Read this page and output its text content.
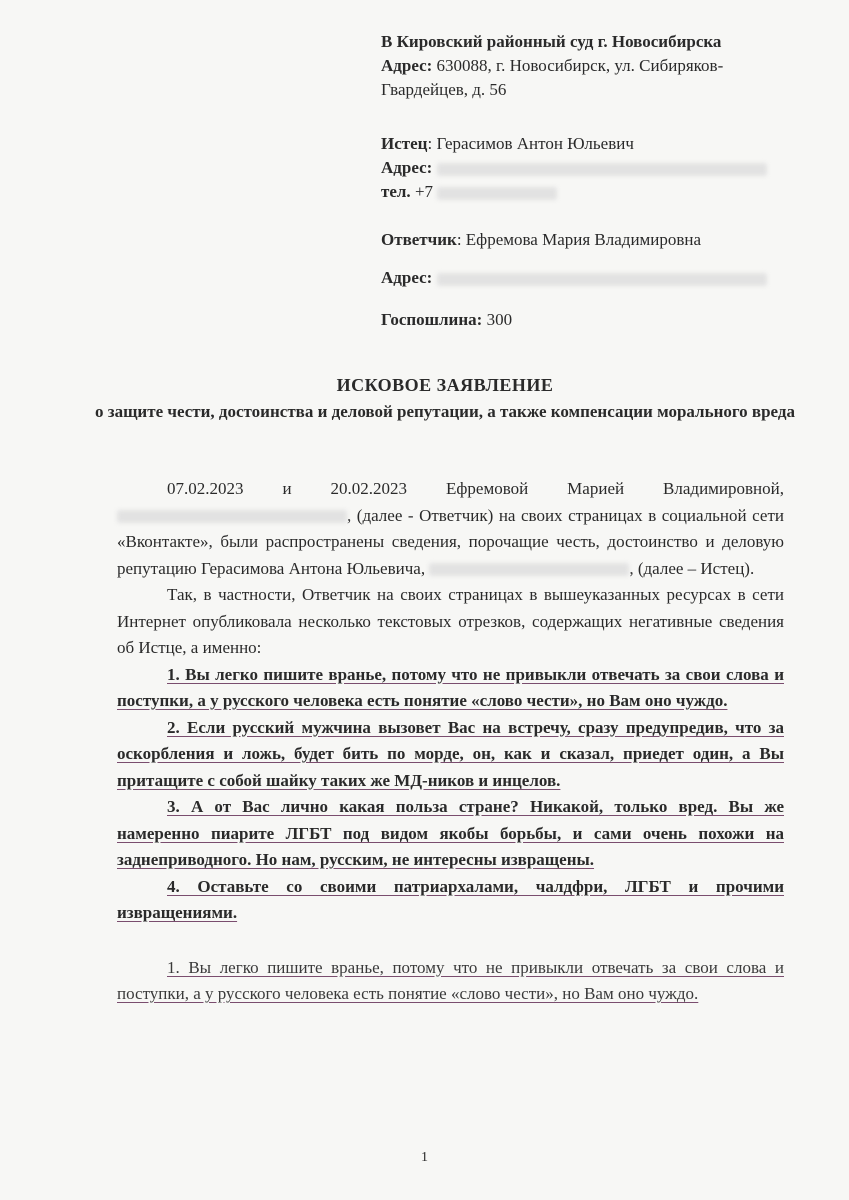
В Кировский районный суд г. Новосибирска

Адрес: 630088, г. Новосибирск, ул. Сибиряков-Гвардейцев, д. 56

Истец: Герасимов Антон Юльевич

Адрес:

тел. +7

Ответчик: Ефремова Мария Владимировна

Адрес:

Госпошлина: 300

ИСКОВОЕ ЗАЯВЛЕНИЕ
о защите чести, достоинства и деловой репутации, а также компенсации морального вреда

07.02.2023 и 20.02.2023 Ефремовой Марией Владимировной, , (далее - Ответчик) на своих страницах в социальной сети «Вконтакте», были распространены сведения, порочащие честь, достоинство и деловую репутацию Герасимова Антона Юльевича,	, (далее – Истец).

Так, в частности, Ответчик на своих страницах в вышеуказанных ресурсах в сети Интернет опубликовала несколько текстовых отрезков, содержащих негативные сведения об Истце, а именно:

1. Вы легко пишите вранье, потому что не привыкли отвечать за свои слова и поступки, а у русского человека есть понятие «слово чести», но Вам оно чуждо.

2. Если русский мужчина вызовет Вас на встречу, сразу предупредив, что за оскорбления и ложь, будет бить по морде, он, как и сказал, приедет один, а Вы притащите с собой шайку таких же МД-ников и инцелов.

3. А от Вас лично какая польза стране? Никакой, только вред. Вы же намеренно пиарите ЛГБТ под видом якобы борьбы, и сами очень похожи на заднеприводного. Но нам, русским, не интересны извращены.

4. Оставьте со своими патриархалами, чалдфри, ЛГБТ и прочими извращениями.

1. Вы легко пишите вранье, потому что не привыкли отвечать за свои слова и поступки, а у русского человека есть понятие «слово чести», но Вам оно чуждо.

1
